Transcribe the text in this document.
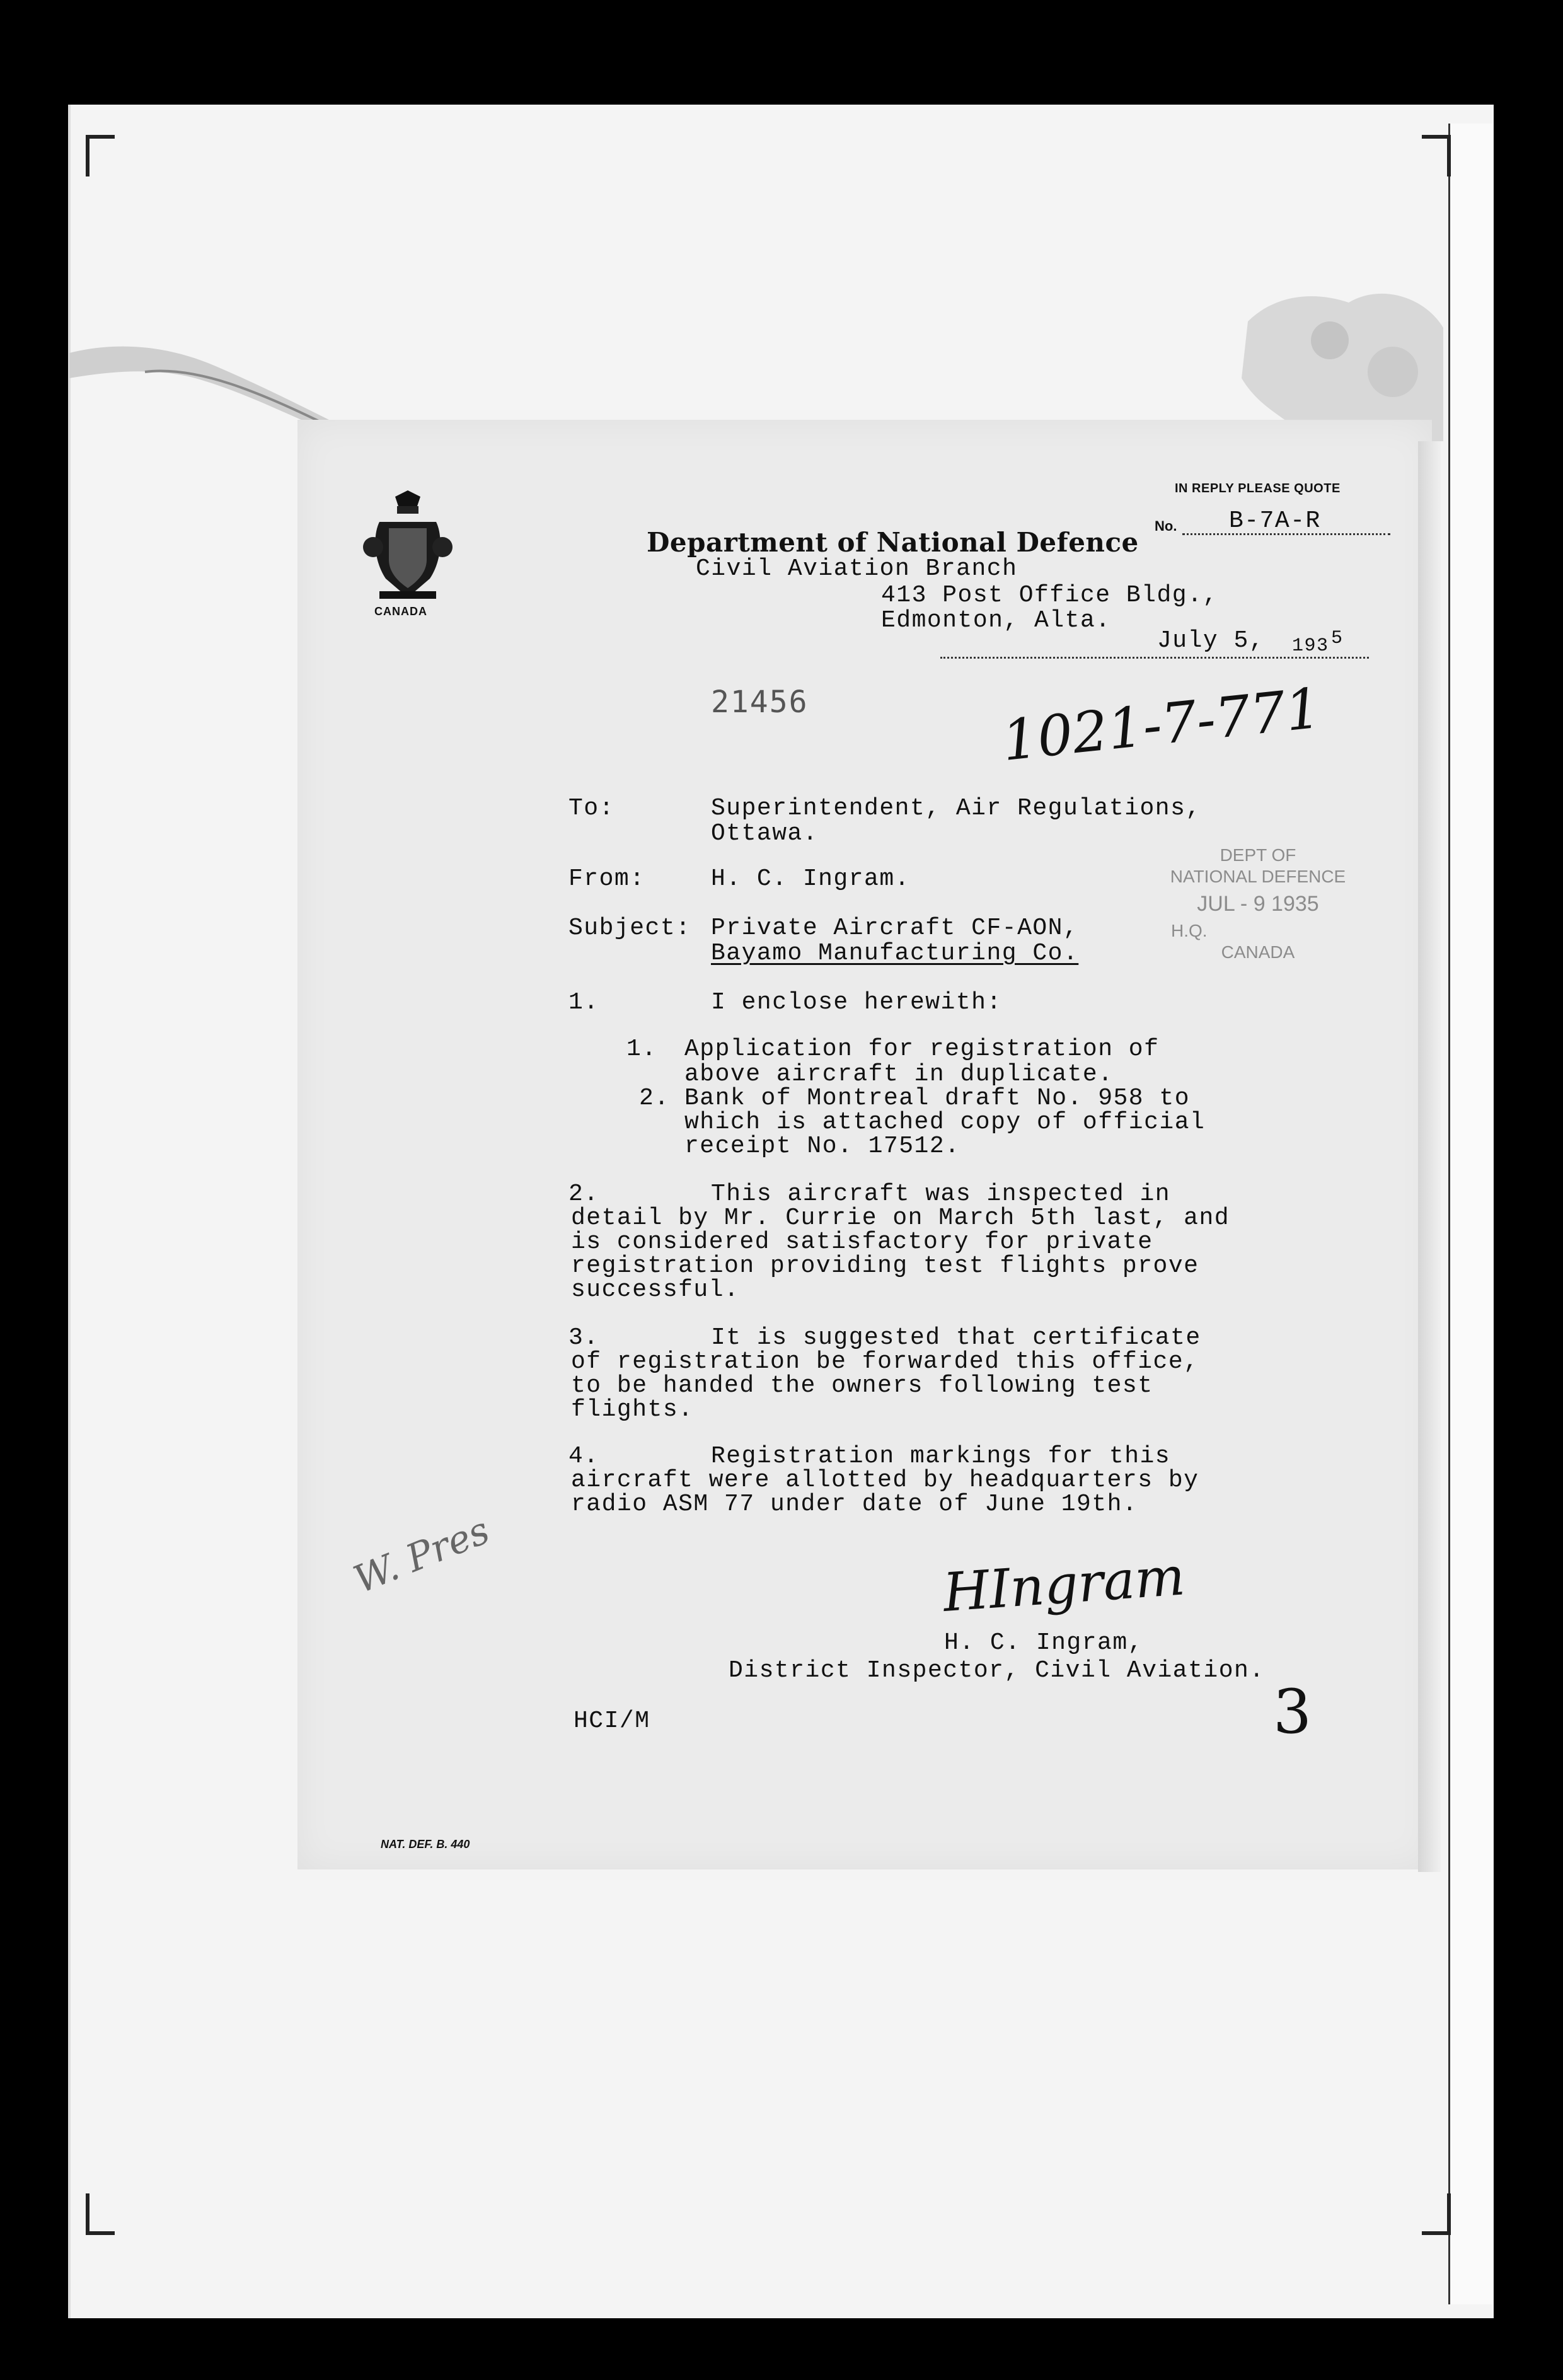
CANADA
Department of National Defence
Civil Aviation Branch
413 Post Office Bldg.,
Edmonton, Alta.
IN REPLY PLEASE QUOTE
No. B-7A-R
July 5, 193 5
21456	1021-7-771
To:	Superintendent, Air Regulations,
Ottawa.
From:	H. C. Ingram.
Subject: Private Aircraft CF-AON,
Bayamo Manufacturing Co.
DEPT OF
NATIONAL DEFENCE
JUL - 9 1935
H.Q.
CANADA
1.	I enclose herewith:
1. Application for registration of
above aircraft in duplicate.
2. Bank of Montreal draft No. 958 to
which is attached copy of official
receipt No. 17512.
2.	This aircraft was inspected in
detail by Mr. Currie on March 5th last, and
is considered satisfactory for private
registration providing test flights prove
successful.
3.	It is suggested that certificate
of registration be forwarded this office,
to be handed the owners following test
flights.
4.	Registration markings for this
aircraft were allotted by headquarters by
radio ASM 77 under date of June 19th.
W. Pres	HIngram
H. C. Ingram,
District Inspector, Civil Aviation.
3
HCI/M
NAT. DEF. B. 440
